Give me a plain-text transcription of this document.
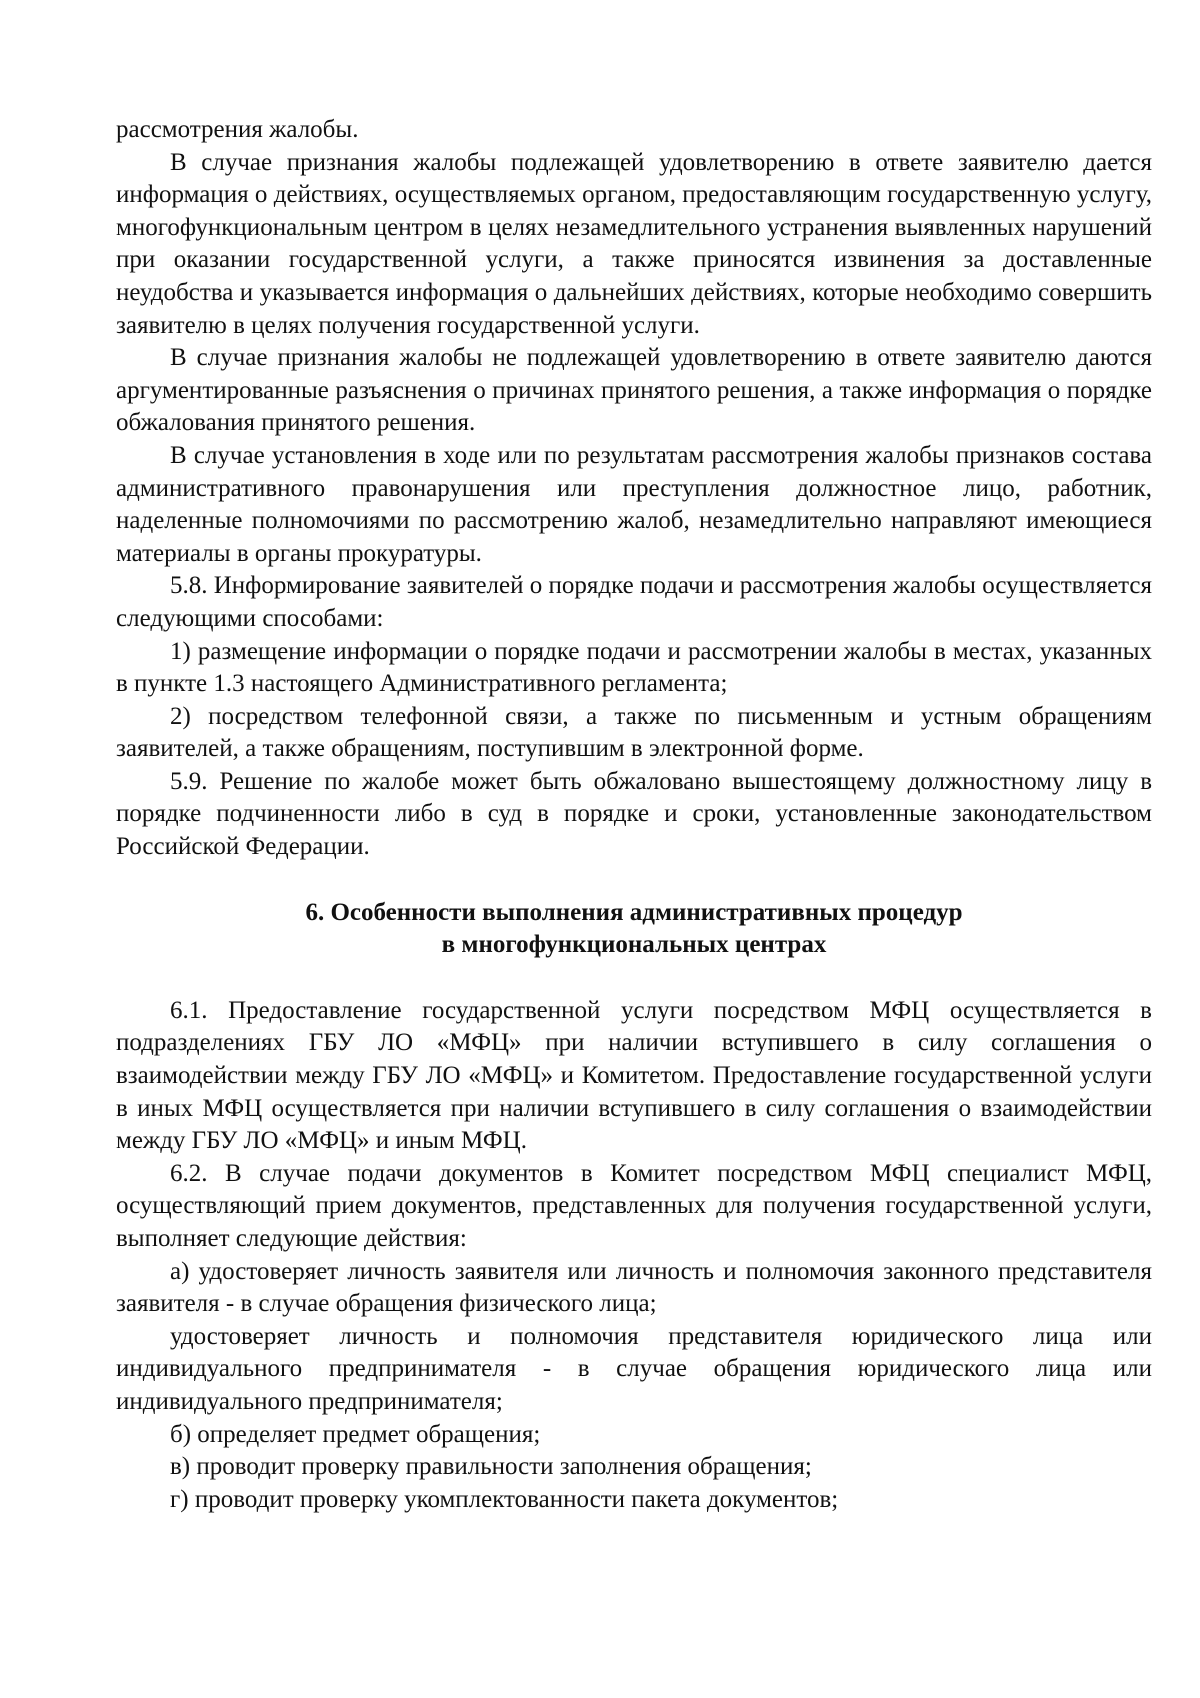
рассмотрения жалобы.

В случае признания жалобы подлежащей удовлетворению в ответе заявителю дается информация о действиях, осуществляемых органом, предоставляющим государственную услугу, многофункциональным центром в целях незамедлительного устранения выявленных нарушений при оказании государственной услуги, а также приносятся извинения за доставленные неудобства и указывается информация о дальнейших действиях, которые необходимо совершить заявителю в целях получения государственной услуги.

В случае признания жалобы не подлежащей удовлетворению в ответе заявителю даются аргументированные разъяснения о причинах принятого решения, а также информация о порядке обжалования принятого решения.

В случае установления в ходе или по результатам рассмотрения жалобы признаков состава административного правонарушения или преступления должностное лицо, работник, наделенные полномочиями по рассмотрению жалоб, незамедлительно направляют имеющиеся материалы в органы прокуратуры.

5.8. Информирование заявителей о порядке подачи и рассмотрения жалобы осуществляется следующими способами:

1) размещение информации о порядке подачи и рассмотрении жалобы в местах, указанных в пункте 1.3 настоящего Административного регламента;

2) посредством телефонной связи, а также по письменным и устным обращениям заявителей, а также обращениям, поступившим в электронной форме.

5.9. Решение по жалобе может быть обжаловано вышестоящему должностному лицу в порядке подчиненности либо в суд в порядке и сроки, установленные законодательством Российской Федерации.

6. Особенности выполнения административных процедур
в многофункциональных центрах

6.1. Предоставление государственной услуги посредством МФЦ осуществляется в подразделениях ГБУ ЛО «МФЦ» при наличии вступившего в силу соглашения о взаимодействии между ГБУ ЛО «МФЦ» и Комитетом. Предоставление государственной услуги в иных МФЦ осуществляется при наличии вступившего в силу соглашения о взаимодействии между ГБУ ЛО «МФЦ» и иным МФЦ.

6.2. В случае подачи документов в Комитет посредством МФЦ специалист МФЦ, осуществляющий прием документов, представленных для получения государственной услуги, выполняет следующие действия:

а) удостоверяет личность заявителя или личность и полномочия законного представителя заявителя - в случае обращения физического лица;

удостоверяет личность и полномочия представителя юридического лица или индивидуального предпринимателя - в случае обращения юридического лица или индивидуального предпринимателя;

б) определяет предмет обращения;

в) проводит проверку правильности заполнения обращения;

г) проводит проверку укомплектованности пакета документов;
